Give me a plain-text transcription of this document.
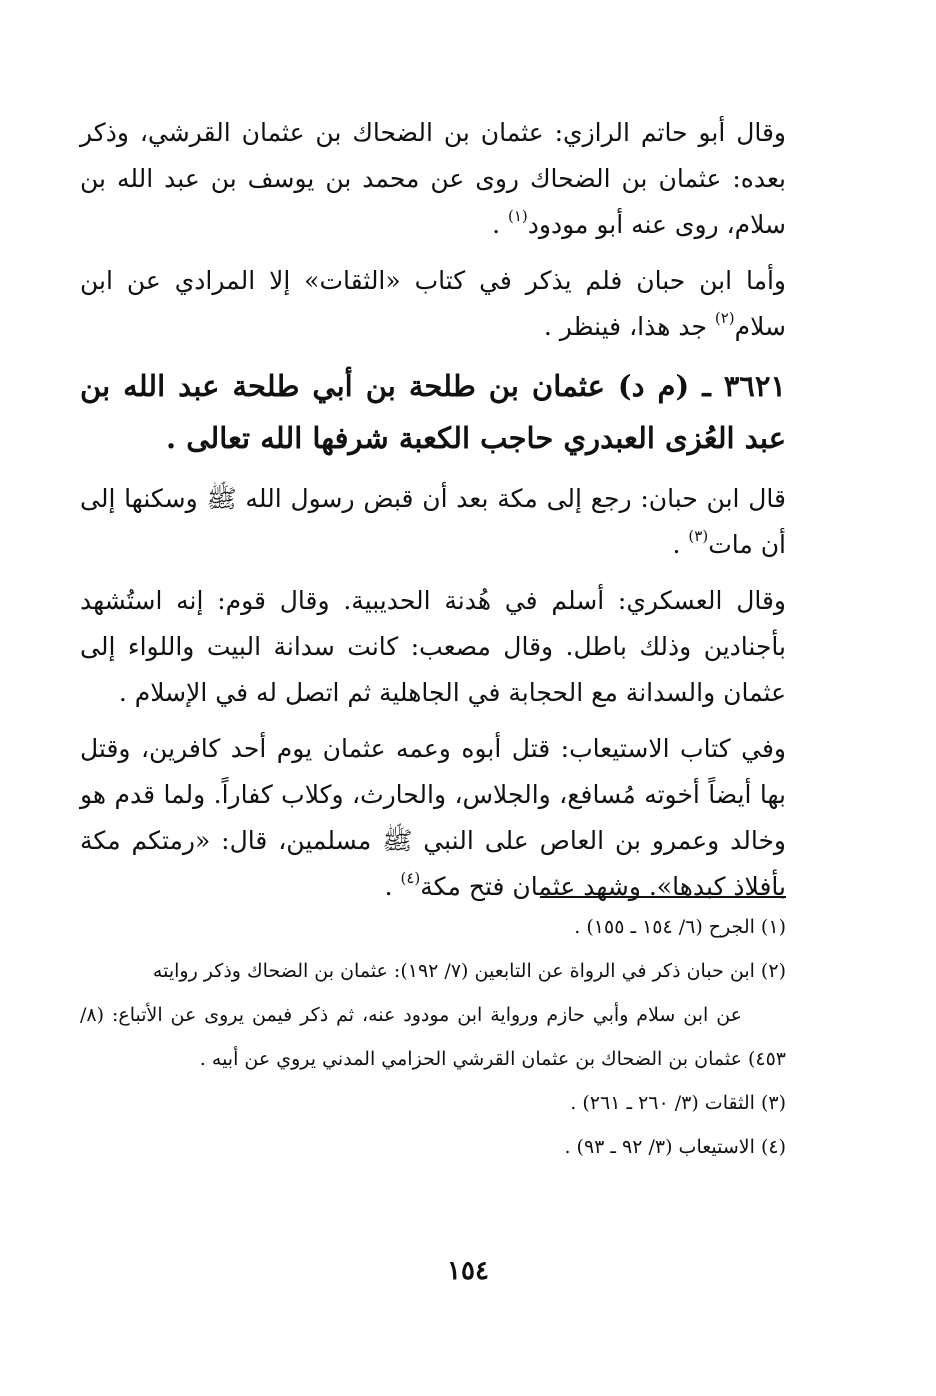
وقال أبو حاتم الرازي: عثمان بن الضحاك بن عثمان القرشي، وذكر بعده: عثمان بن الضحاك روى عن محمد بن يوسف بن عبد الله بن سلام، روى عنه أبو مودود$^{(١)}$ .

وأما ابن حبان فلم يذكر في كتاب «الثقات» إلا المرادي عن ابن سلام$^{(٢)}$ جد هذا، فينظر .

٣٦٢١ ـ (م د) عثمان بن طلحة بن أبي طلحة عبد الله بن عبد العُزى العبدري حاجب الكعبة شرفها الله تعالى .

قال ابن حبان: رجع إلى مكة بعد أن قبض رسول الله ﷺ وسكنها إلى أن مات$^{(٣)}$ .

وقال العسكري: أسلم في هُدنة الحديبية. وقال قوم: إنه استُشهد بأجنادين وذلك باطل. وقال مصعب: كانت سدانة البيت واللواء إلى عثمان والسدانة مع الحجابة في الجاهلية ثم اتصل له في الإسلام .

وفي كتاب الاستيعاب: قتل أبوه وعمه عثمان يوم أحد كافرين، وقتل بها أيضاً أخوته مُسافع، والجلاس، والحارث، وكلاب كفاراً. ولما قدم هو وخالد وعمرو بن العاص على النبي ﷺ مسلمين، قال: «رمتكم مكة بأفلاذ كبدها». وشهد عثمان فتح مكة$^{(٤)}$ .

(١) الجرح (٦/ ١٥٤ ـ ١٥٥) .

(٢) ابن حبان ذكر في الرواة عن التابعين (٧/ ١٩٢): عثمان بن الضحاك وذكر روايته
عن ابن سلام وأبي حازم ورواية ابن مودود عنه، ثم ذكر فيمن يروى عن الأتباع: (٨/ ٤٥٣) عثمان بن الضحاك بن عثمان القرشي الحزامي المدني يروي عن أبيه .

(٣) الثقات (٣/ ٢٦٠ ـ ٢٦١) .

(٤) الاستيعاب (٣/ ٩٢ ـ ٩٣) .

١٥٤
